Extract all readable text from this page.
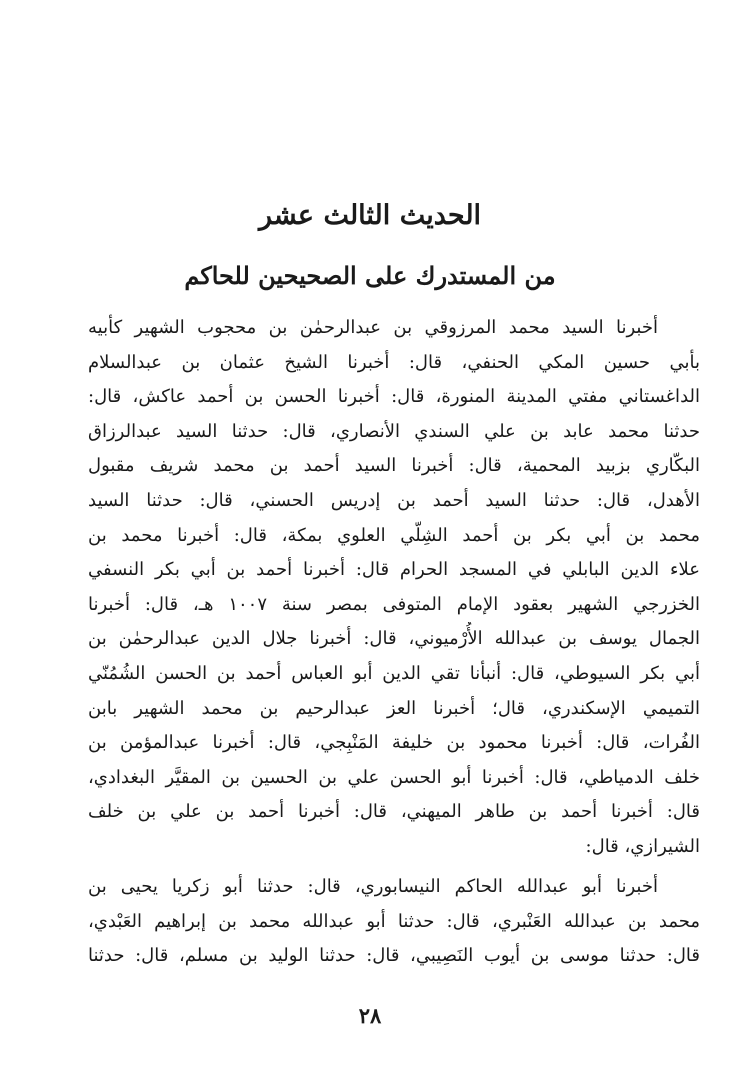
الحديث الثالث عشر
من المستدرك على الصحيحين للحاكم
أخبرنا السيد محمد المرزوقي بن عبدالرحمٰن بن محجوب الشهير كأبيه
بأبي حسين المكي الحنفي، قال: أخبرنا الشيخ عثمان بن عبدالسلام
الداغستاني مفتي المدينة المنورة، قال: أخبرنا الحسن بن أحمد عاكش، قال:
حدثنا محمد عابد بن علي السندي الأنصاري، قال: حدثنا السيد عبدالرزاق
البكّاري بزبيد المحمية، قال: أخبرنا السيد أحمد بن محمد شريف مقبول
الأهدل، قال: حدثنا السيد أحمد بن إدريس الحسني، قال: حدثنا السيد
محمد بن أبي بكر بن أحمد الشِلّي العلوي بمكة، قال: أخبرنا محمد بن
علاء الدين البابلي في المسجد الحرام قال: أخبرنا أحمد بن أبي بكر النسفي
الخزرجي الشهير بعقود الإمام المتوفى بمصر سنة ١٠٠٧ هـ، قال: أخبرنا
الجمال يوسف بن عبدالله الأُرْميوني، قال: أخبرنا جلال الدين عبدالرحمٰن بن
أبي بكر السيوطي، قال: أنبأنا تقي الدين أبو العباس أحمد بن الحسن الشُمُنّي
التميمي الإسكندري، قال؛ أخبرنا العز عبدالرحيم بن محمد الشهير بابن
الفُرات، قال: أخبرنا محمود بن خليفة المَنْبِجي، قال: أخبرنا عبدالمؤمن بن
خلف الدمياطي، قال: أخبرنا أبو الحسن علي بن الحسين بن المقيَّر البغدادي،
قال: أخبرنا أحمد بن طاهر الميهني، قال: أخبرنا أحمد بن علي بن خلف
الشيرازي، قال:
أخبرنا أبو عبدالله الحاكم النيسابوري، قال: حدثنا أبو زكريا يحيى بن
محمد بن عبدالله العَنْبري، قال: حدثنا أبو عبدالله محمد بن إبراهيم العَبْدي،
قال: حدثنا موسى بن أيوب النَصِيبي، قال: حدثنا الوليد بن مسلم، قال: حدثنا
٢٨
